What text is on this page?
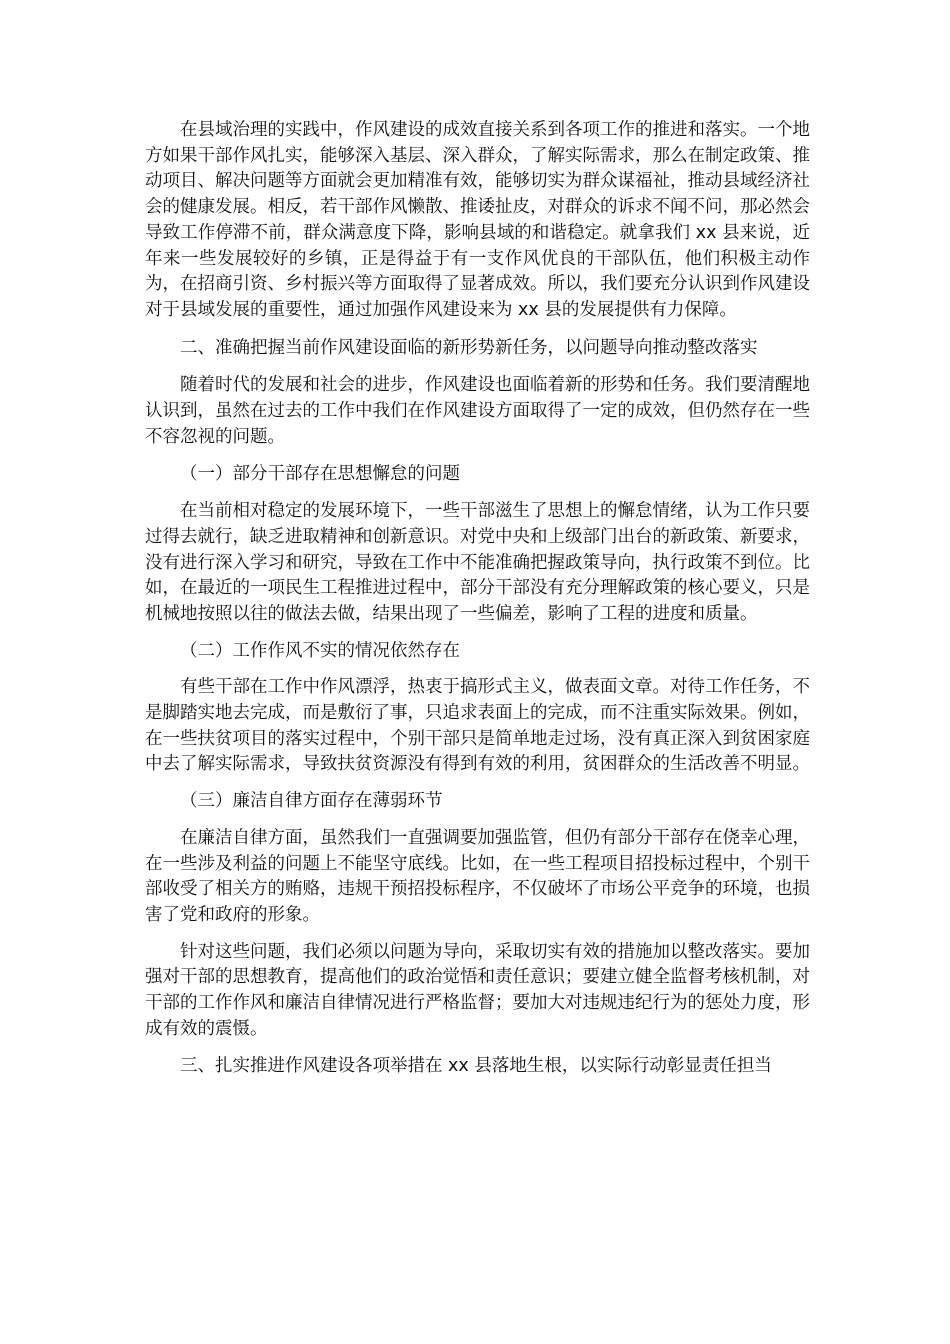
在县域治理的实践中，作风建设的成效直接关系到各项工作的推进和落实。一个地方如果干部作风扎实，能够深入基层、深入群众，了解实际需求，那么在制定政策、推动项目、解决问题等方面就会更加精准有效，能够切实为群众谋福祉，推动县域经济社会的健康发展。相反，若干部作风懒散、推诿扯皮，对群众的诉求不闻不问，那必然会导致工作停滞不前，群众满意度下降，影响县域的和谐稳定。就拿我们 xx 县来说，近年来一些发展较好的乡镇，正是得益于有一支作风优良的干部队伍，他们积极主动作为，在招商引资、乡村振兴等方面取得了显著成效。所以，我们要充分认识到作风建设对于县域发展的重要性，通过加强作风建设来为 xx 县的发展提供有力保障。

二、准确把握当前作风建设面临的新形势新任务，以问题导向推动整改落实

随着时代的发展和社会的进步，作风建设也面临着新的形势和任务。我们要清醒地认识到，虽然在过去的工作中我们在作风建设方面取得了一定的成效，但仍然存在一些不容忽视的问题。

（一）部分干部存在思想懈怠的问题

在当前相对稳定的发展环境下，一些干部滋生了思想上的懈怠情绪，认为工作只要过得去就行，缺乏进取精神和创新意识。对党中央和上级部门出台的新政策、新要求，没有进行深入学习和研究，导致在工作中不能准确把握政策导向，执行政策不到位。比如，在最近的一项民生工程推进过程中，部分干部没有充分理解政策的核心要义，只是机械地按照以往的做法去做，结果出现了一些偏差，影响了工程的进度和质量。

（二）工作作风不实的情况依然存在

有些干部在工作中作风漂浮，热衷于搞形式主义，做表面文章。对待工作任务，不是脚踏实地去完成，而是敷衍了事，只追求表面上的完成，而不注重实际效果。例如，在一些扶贫项目的落实过程中，个别干部只是简单地走过场，没有真正深入到贫困家庭中去了解实际需求，导致扶贫资源没有得到有效的利用，贫困群众的生活改善不明显。

（三）廉洁自律方面存在薄弱环节

在廉洁自律方面，虽然我们一直强调要加强监管，但仍有部分干部存在侥幸心理，在一些涉及利益的问题上不能坚守底线。比如，在一些工程项目招投标过程中，个别干部收受了相关方的贿赂，违规干预招投标程序，不仅破坏了市场公平竞争的环境，也损害了党和政府的形象。

针对这些问题，我们必须以问题为导向，采取切实有效的措施加以整改落实。要加强对干部的思想教育，提高他们的政治觉悟和责任意识；要建立健全监督考核机制，对干部的工作作风和廉洁自律情况进行严格监督；要加大对违规违纪行为的惩处力度，形成有效的震慑。

三、扎实推进作风建设各项举措在 xx 县落地生根，以实际行动彰显责任担当
